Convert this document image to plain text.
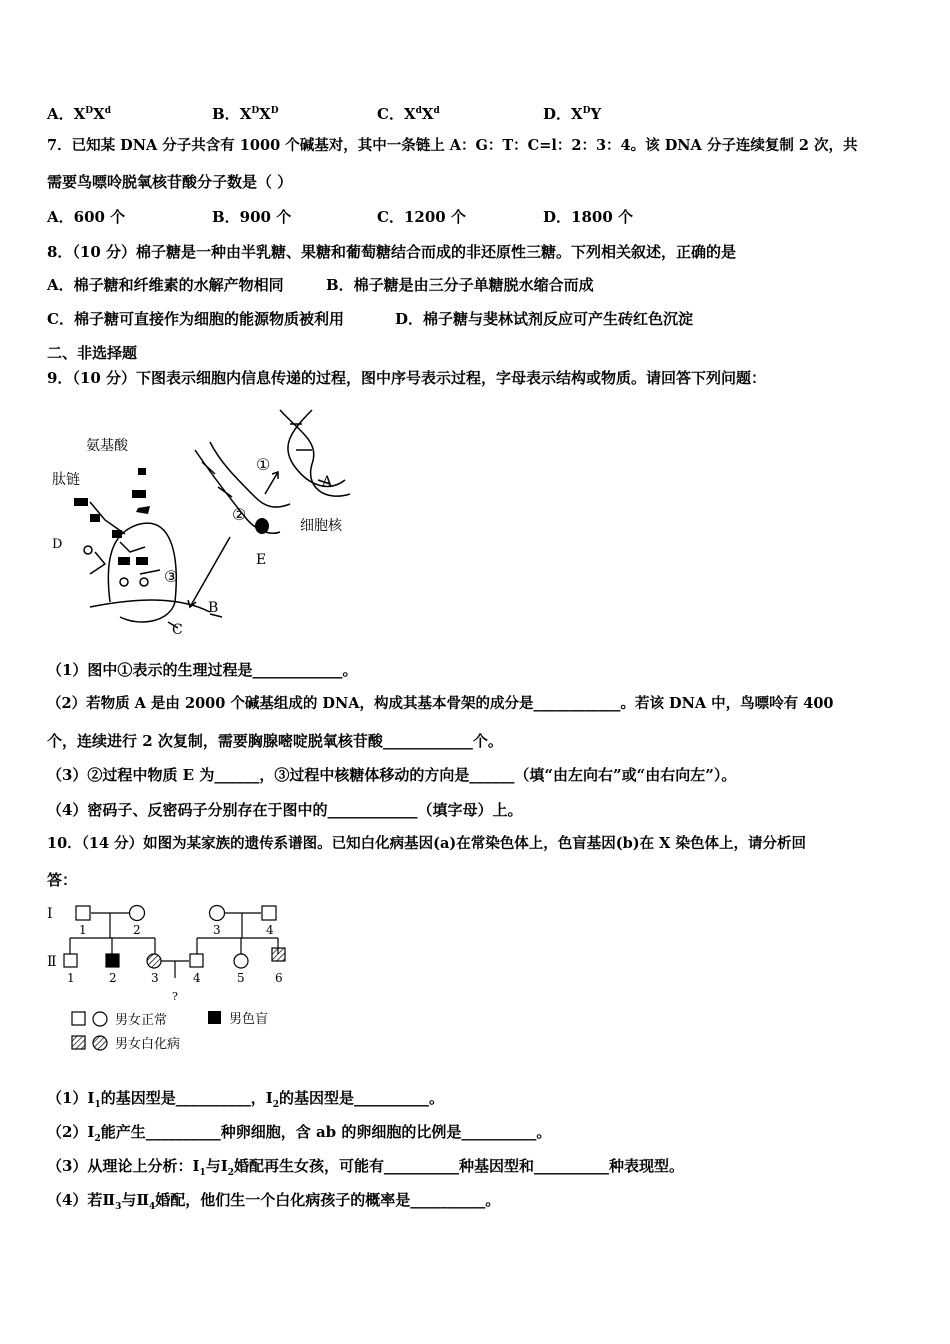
A．$X^DX^d$	B．$X^DX^D$	C．$X^dX^d$	D．$X^DY$
7．已知某 DNA 分子共含有 1000 个碱基对，其中一条链上 A：G：T：C=l：2：3：4。该 DNA 分子连续复制 2 次，共
需要鸟嘌呤脱氧核苷酸分子数是（ ）
A．600 个	B．900 个	C．1200 个	D．1800 个
8．（10 分）棉子糖是一种由半乳糖、果糖和葡萄糖结合而成的非还原性三糖。下列相关叙述，正确的是
A．棉子糖和纤维素的水解产物相同	B．棉子糖是由三分子单糖脱水缩合而成
C．棉子糖可直接作为细胞的能源物质被利用	D．棉子糖与斐林试剂反应可产生砖红色沉淀
二、非选择题
9．（10 分）下图表示细胞内信息传递的过程，图中序号表示过程，字母表示结构或物质。请回答下列问题：
氨基酸
肽链
D
①
A
②
细胞核
E
③
B
C
（1）图中①表示的生理过程是____________。
（2）若物质 A 是由 2000 个碱基组成的 DNA，构成其基本骨架的成分是____________。若该 DNA 中，鸟嘌呤有 400
个，连续进行 2 次复制，需要胸腺嘧啶脱氧核苷酸____________个。
（3）②过程中物质 E 为______，③过程中核糖体移动的方向是______（填“由左向右”或“由右向左”）。
（4）密码子、反密码子分别存在于图中的____________（填字母）上。
10．（14 分）如图为某家族的遗传系谱图。已知白化病基因(a)在常染色体上，色盲基因(b)在 X 染色体上，请分析回
答：
Ⅰ
Ⅱ
1	2	3	4
1	2	3	4	5	6
?
男女正常	男色盲
男女白化病
$(1)Ⅰ_1$的基因型是__________，$Ⅰ_2$的基因型是__________。
$(2)Ⅰ_2$能产生__________种卵细胞，含 ab 的卵细胞的比例是__________。
（3）从理论上分析：$Ⅰ_1$与$Ⅰ_2$婚配再生女孩，可能有__________种基因型和__________种表现型。
（4）若$Ⅱ_3$与$Ⅱ_4$婚配，他们生一个白化病孩子的概率是__________。
